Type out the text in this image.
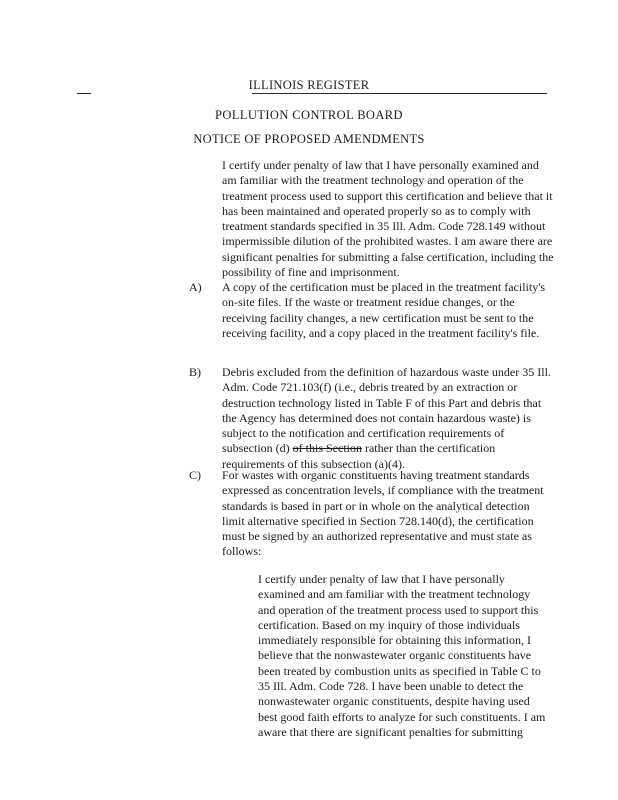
ILLINOIS REGISTER
POLLUTION CONTROL BOARD
NOTICE OF PROPOSED AMENDMENTS

I certify under penalty of law that I have personally examined and am familiar with the treatment technology and operation of the treatment process used to support this certification and believe that it has been maintained and operated properly so as to comply with treatment standards specified in 35 Ill. Adm. Code 728.149 without impermissible dilution of the prohibited wastes. I am aware there are significant penalties for submitting a false certification, including the possibility of fine and imprisonment.

A) A copy of the certification must be placed in the treatment facility's on-site files. If the waste or treatment residue changes, or the receiving facility changes, a new certification must be sent to the receiving facility, and a copy placed in the treatment facility's file.

B) Debris excluded from the definition of hazardous waste under 35 Ill. Adm. Code 721.103(f) (i.e., debris treated by an extraction or destruction technology listed in Table F of this Part and debris that the Agency has determined does not contain hazardous waste) is subject to the notification and certification requirements of subsection (d) of this Section rather than the certification requirements of this subsection (a)(4).

C) For wastes with organic constituents having treatment standards expressed as concentration levels, if compliance with the treatment standards is based in part or in whole on the analytical detection limit alternative specified in Section 728.140(d), the certification must be signed by an authorized representative and must state as follows:

I certify under penalty of law that I have personally examined and am familiar with the treatment technology and operation of the treatment process used to support this certification. Based on my inquiry of those individuals immediately responsible for obtaining this information, I believe that the nonwastewater organic constituents have been treated by combustion units as specified in Table C to 35 Ill. Adm. Code 728. I have been unable to detect the nonwastewater organic constituents, despite having used best good faith efforts to analyze for such constituents. I am aware that there are significant penalties for submitting
